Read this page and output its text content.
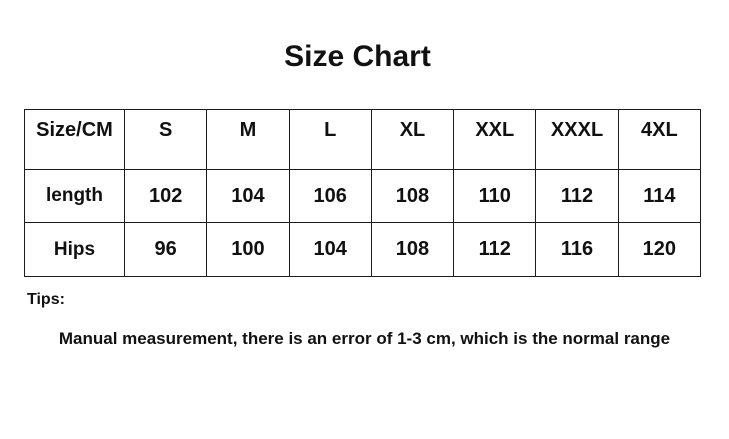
Size Chart
Size/CM	S	M	L	XL	XXL	XXXL	4XL
length	102	104	106	108	110	112	114
Hips	96	100	104	108	112	116	120
Tips:
Manual measurement, there is an error of 1-3 cm, which is the normal range
